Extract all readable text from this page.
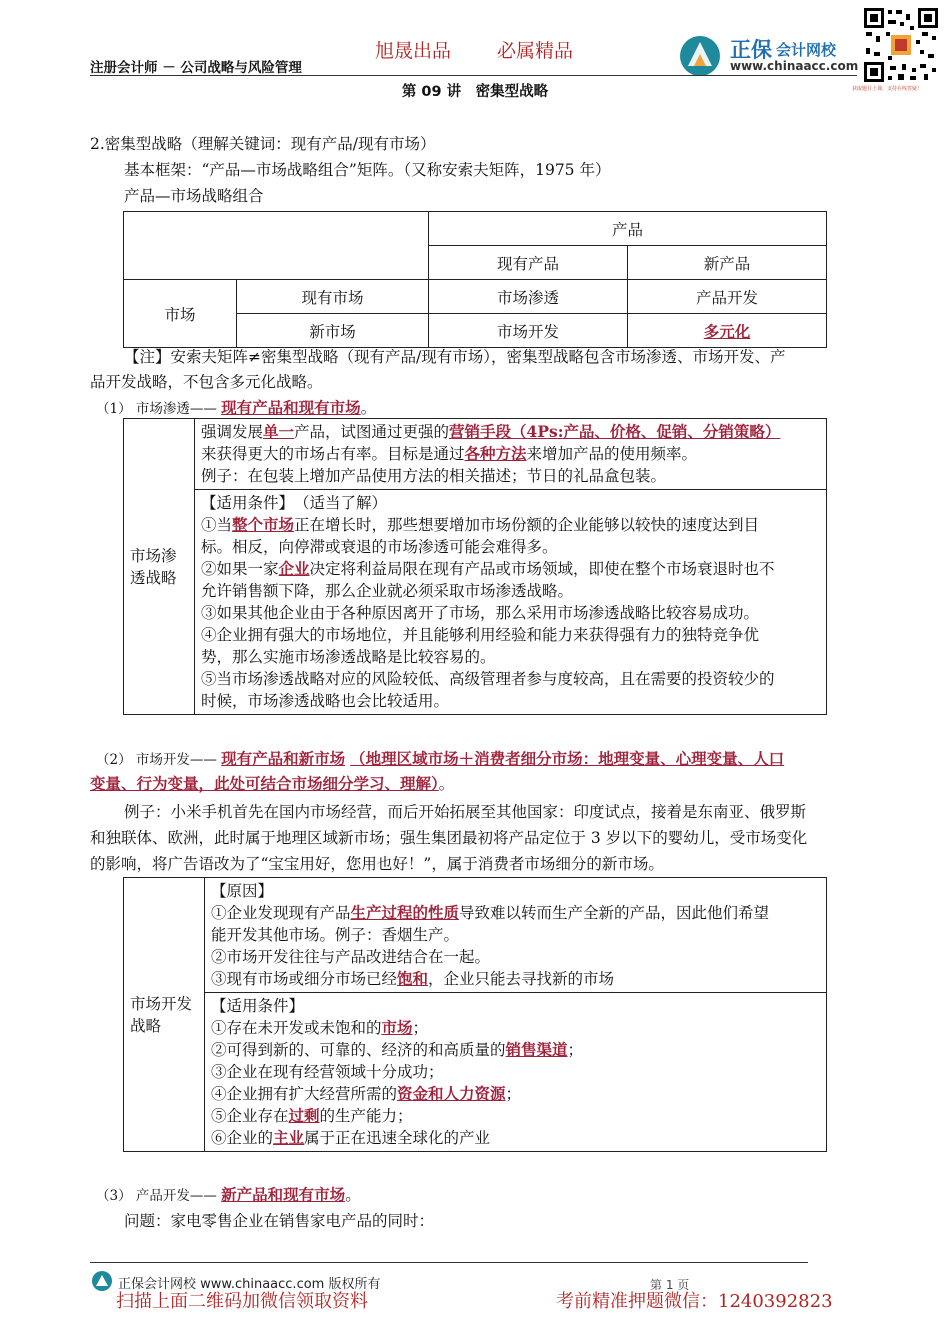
旭晟出品 必属精品
注册会计师 － 公司战略与风险管理
正保 会计网校
www.chinaacc.com
获取题目上课，支持在线答疑！
第 09 讲　密集型战略
2.密集型战略（理解关键词：现有产品/现有市场）
基本框架：“产品—市场战略组合”矩阵。（又称安索夫矩阵，1975 年）
产品—市场战略组合
		产品	
		现有产品	新产品
市场	现有市场	市场渗透	产品开发
	新市场	市场开发	多元化
【注】安索夫矩阵≠密集型战略（现有产品/现有市场），密集型战略包含市场渗透、市场开发、产
品开发战略，不包含多元化战略。
（1） 市场渗透—— 现有产品和现有市场。
市场渗
透战略

强调发展单一产品，试图通过更强的营销手段（4Ps:产品、价格、促销、分销策略）
来获得更大的市场占有率。目标是通过各种方法来增加产品的使用频率。
例子：在包装上增加产品使用方法的相关描述；节日的礼品盒包装。

【适用条件】　（适当了解）
①当整个市场正在增长时，那些想要增加市场份额的企业能够以较快的速度达到目
标。相反，向停滞或衰退的市场渗透可能会难得多。
②如果一家企业决定将利益局限在现有产品或市场领域，即使在整个市场衰退时也不
允许销售额下降，那么企业就必须采取市场渗透战略。
③如果其他企业由于各种原因离开了市场，那么采用市场渗透战略比较容易成功。
④企业拥有强大的市场地位，并且能够利用经验和能力来获得强有力的独特竞争优
势，那么实施市场渗透战略是比较容易的。
⑤当市场渗透战略对应的风险较低、高级管理者参与度较高，且在需要的投资较少的
时候，市场渗透战略也会比较适用。
（2） 市场开发—— 现有产品和新市场 （地理区域市场＋消费者细分市场：地理变量、心理变量、人口
变量、行为变量，此处可结合市场细分学习、理解）。
例子：小米手机首先在国内市场经营，而后开始拓展至其他国家：印度试点，接着是东南亚、俄罗斯
和独联体、欧洲，此时属于地理区域新市场；强生集团最初将产品定位于 3 岁以下的婴幼儿，受市场变化
的影响，将广告语改为了“宝宝用好，您用也好！”，属于消费者市场细分的新市场。
市场开发
战略

【原因】
①企业发现现有产品生产过程的性质导致难以转而生产全新的产品，因此他们希望
能开发其他市场。例子：香烟生产。
②市场开发往往与产品改进结合在一起。
③现有市场或细分市场已经饱和，企业只能去寻找新的市场

【适用条件】
①存在未开发或未饱和的市场；
②可得到新的、可靠的、经济的和高质量的销售渠道；
③企业在现有经营领域十分成功；
④企业拥有扩大经营所需的资金和人力资源；
⑤企业存在过剩的生产能力；
⑥企业的主业属于正在迅速全球化的产业
（3） 产品开发—— 新产品和现有市场。
问题：家电零售企业在销售家电产品的同时：
正保会计网校 www.chinaacc.com 版权所有	第 1 页
扫描上面二维码加微信领取资料	考前精准押题微信：1240392823
